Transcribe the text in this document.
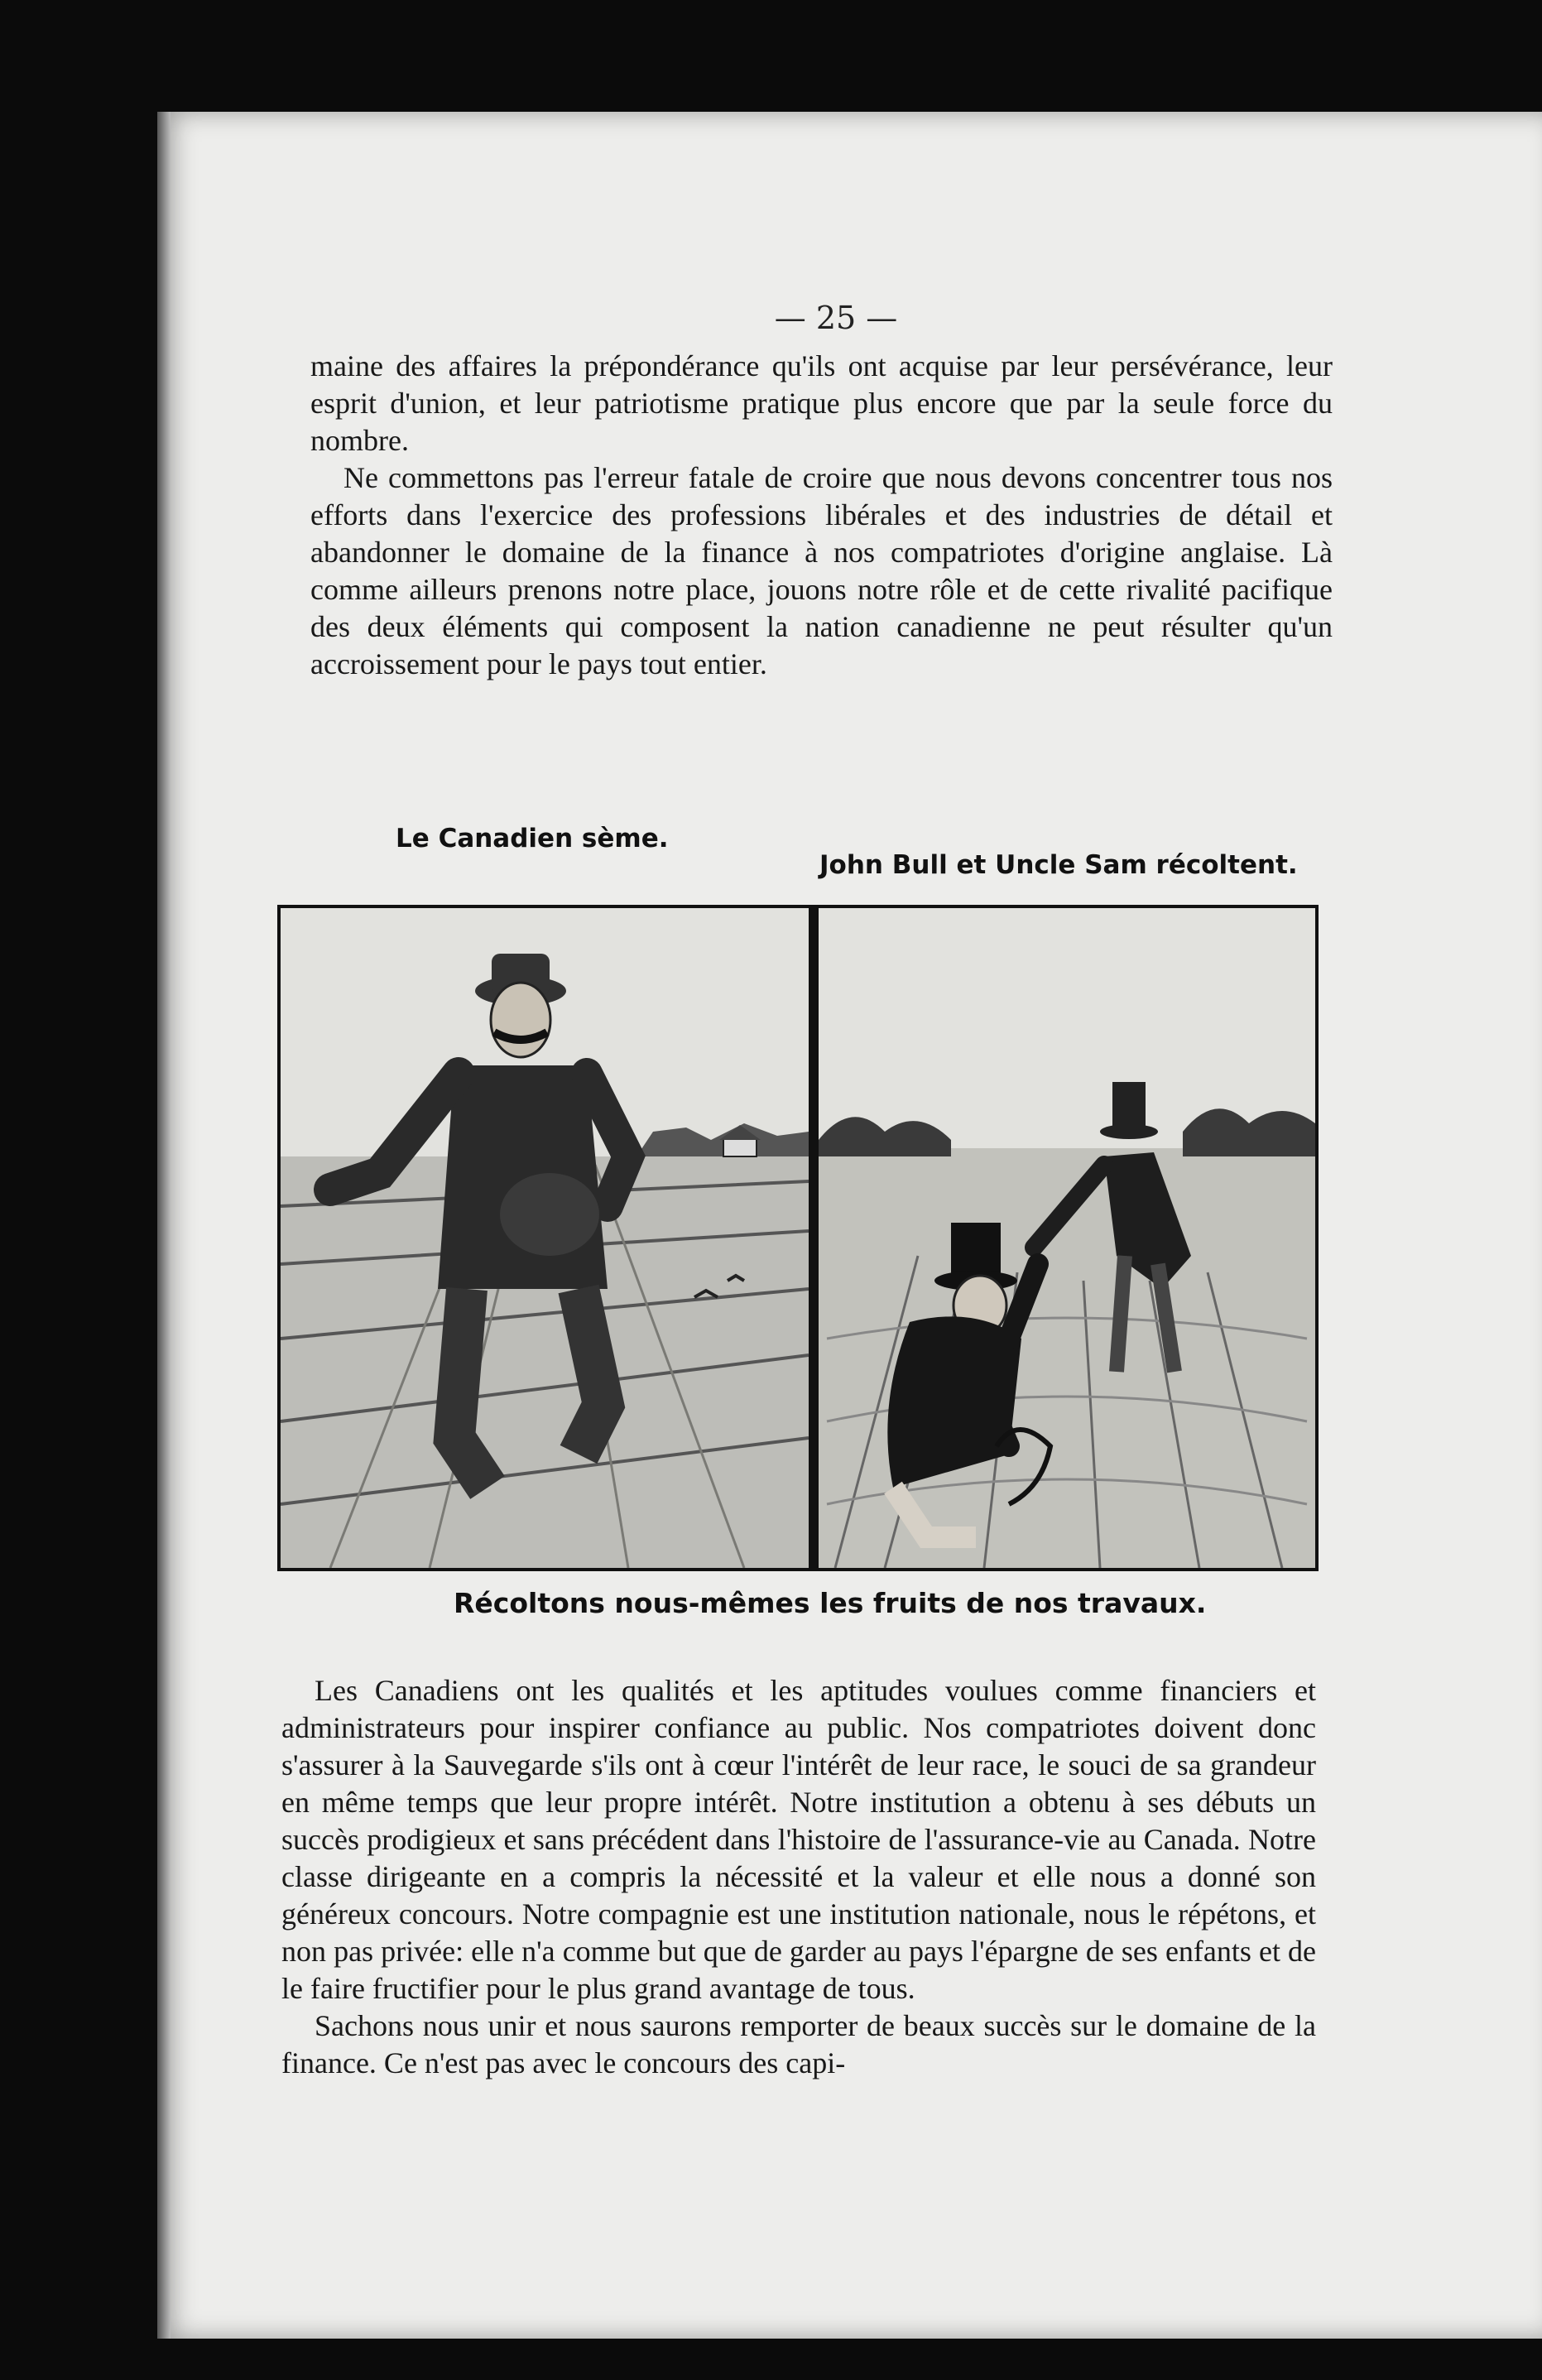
— 25 —

maine des affaires la prépondérance qu'ils ont acquise par leur persévérance, leur esprit d'union, et leur patriotisme pratique plus encore que par la seule force du nombre.

Ne commettons pas l'erreur fatale de croire que nous devons concentrer tous nos efforts dans l'exercice des professions libérales et des industries de détail et abandonner le domaine de la finance à nos compatriotes d'origine anglaise. Là comme ailleurs prenons notre place, jouons notre rôle et de cette rivalité pacifique des deux éléments qui composent la nation canadienne ne peut résulter qu'un accroissement pour le pays tout entier.

Le Canadien sème.
John Bull et Uncle Sam récoltent.
Récoltons nous-mêmes les fruits de nos travaux.

Les Canadiens ont les qualités et les aptitudes voulues comme financiers et administrateurs pour inspirer confiance au public. Nos compatriotes doivent donc s'assurer à la Sauvegarde s'ils ont à cœur l'intérêt de leur race, le souci de sa grandeur en même temps que leur propre intérêt. Notre institution a obtenu à ses débuts un succès prodigieux et sans précédent dans l'histoire de l'assurance-vie au Canada. Notre classe dirigeante en a compris la nécessité et la valeur et elle nous a donné son généreux concours. Notre compagnie est une institution nationale, nous le répétons, et non pas privée: elle n'a comme but que de garder au pays l'épargne de ses enfants et de le faire fructifier pour le plus grand avantage de tous.

Sachons nous unir et nous saurons remporter de beaux succès sur le domaine de la finance. Ce n'est pas avec le concours des capi-
